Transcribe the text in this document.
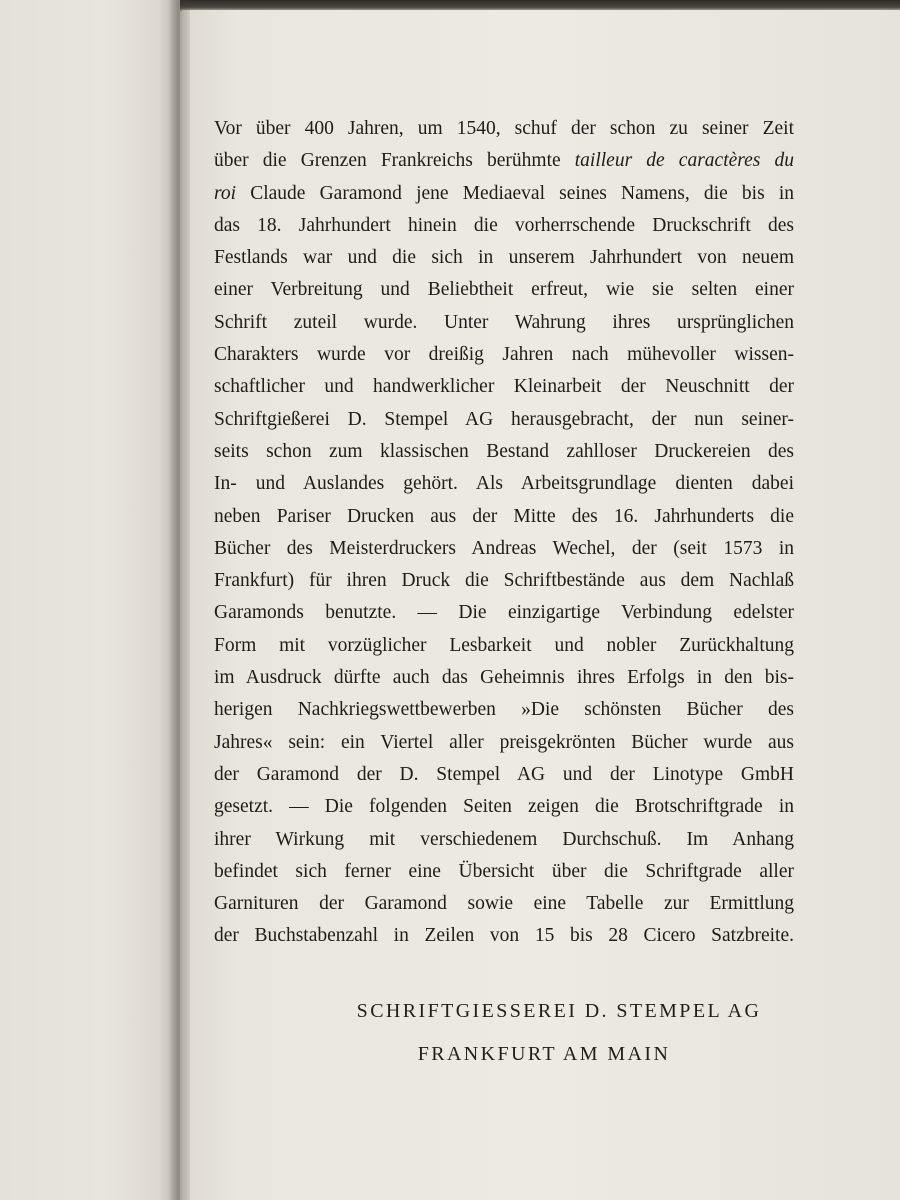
Vor über 400 Jahren, um 1540, schuf der schon zu seiner Zeit
über die Grenzen Frankreichs berühmte tailleur de caractères du
roi Claude Garamond jene Mediaeval seines Namens, die bis in
das 18. Jahrhundert hinein die vorherrschende Druckschrift des
Festlands war und die sich in unserem Jahrhundert von neuem
einer Verbreitung und Beliebtheit erfreut, wie sie selten einer
Schrift zuteil wurde. Unter Wahrung ihres ursprünglichen
Charakters wurde vor dreißig Jahren nach mühevoller wissen-
schaftlicher und handwerklicher Kleinarbeit der Neuschnitt der
Schriftgießerei D. Stempel AG herausgebracht, der nun seiner-
seits schon zum klassischen Bestand zahlloser Druckereien des
In- und Auslandes gehört. Als Arbeitsgrundlage dienten dabei
neben Pariser Drucken aus der Mitte des 16. Jahrhunderts die
Bücher des Meisterdruckers Andreas Wechel, der (seit 1573 in
Frankfurt) für ihren Druck die Schriftbestände aus dem Nachlaß
Garamonds benutzte. — Die einzigartige Verbindung edelster
Form mit vorzüglicher Lesbarkeit und nobler Zurückhaltung
im Ausdruck dürfte auch das Geheimnis ihres Erfolgs in den bis-
herigen Nachkriegswettbewerben »Die schönsten Bücher des
Jahres« sein: ein Viertel aller preisgekrönten Bücher wurde aus
der Garamond der D. Stempel AG und der Linotype GmbH
gesetzt. — Die folgenden Seiten zeigen die Brotschriftgrade in
ihrer Wirkung mit verschiedenem Durchschuß. Im Anhang
befindet sich ferner eine Übersicht über die Schriftgrade aller
Garnituren der Garamond sowie eine Tabelle zur Ermittlung
der Buchstabenzahl in Zeilen von 15 bis 28 Cicero Satzbreite.
SCHRIFTGIESSEREI D. STEMPEL AG
FRANKFURT AM MAIN
